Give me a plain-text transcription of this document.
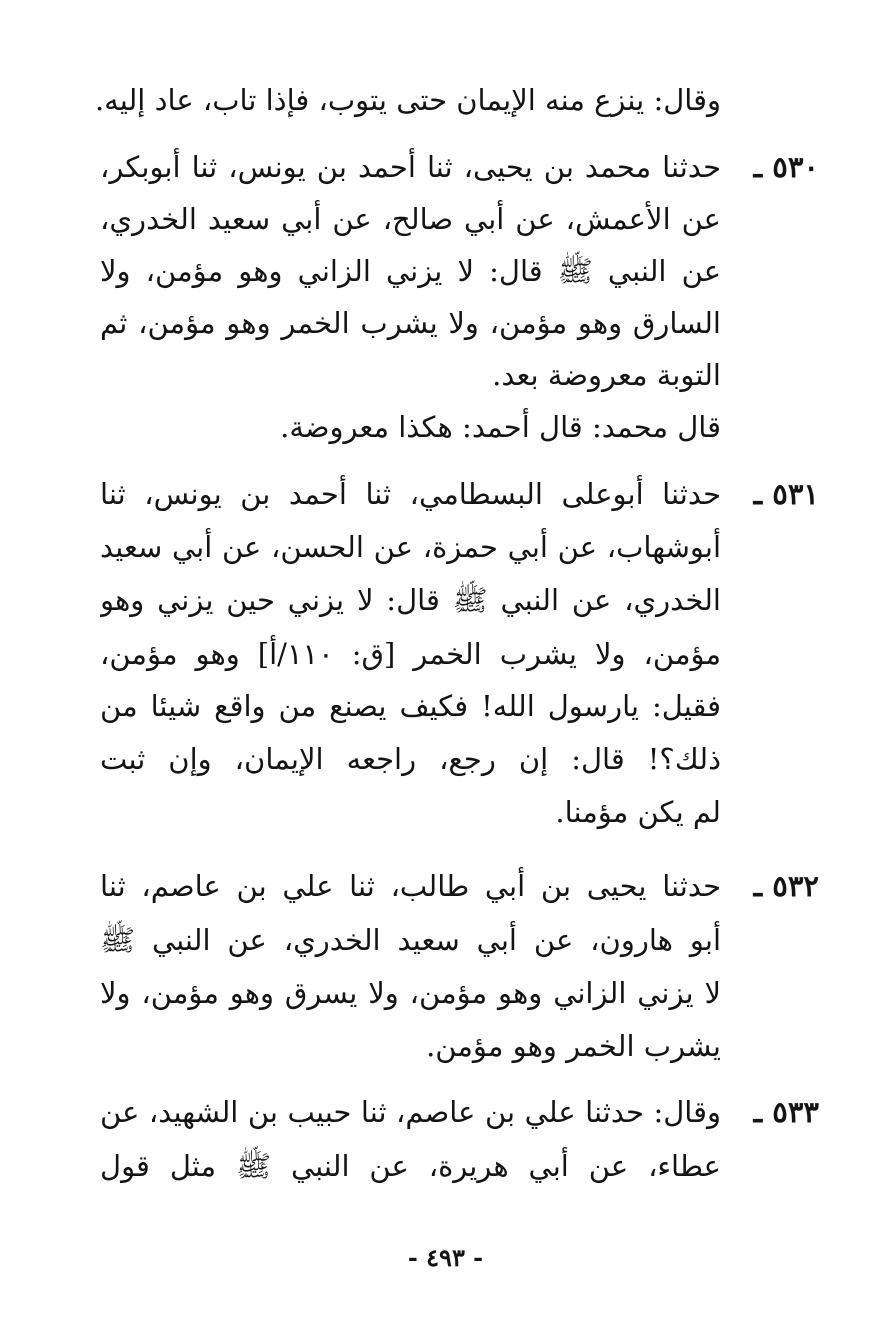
وقال: ينزع منه الإيمان حتى يتوب، فإذا تاب، عاد إليه.
٥٣٠ ـ
حدثنا محمد بن يحيى، ثنا أحمد بن يونس، ثنا أبوبكر،
عن الأعمش، عن أبي صالح، عن أبي سعيد الخدري،
عن النبي ﷺ قال: لا يزني الزاني وهو مؤمن، ولا
السارق وهو مؤمن، ولا يشرب الخمر وهو مؤمن، ثم
التوبة معروضة بعد.
قال محمد: قال أحمد: هكذا معروضة.
٥٣١ ـ
حدثنا أبوعلى البسطامي، ثنا أحمد بن يونس، ثنا
أبوشهاب، عن أبي حمزة، عن الحسن، عن أبي سعيد
الخدري، عن النبي ﷺ قال: لا يزني حين يزني وهو
مؤمن، ولا يشرب الخمر [ق: ١١٠/أ] وهو مؤمن،
فقيل: يارسول الله! فكيف يصنع من واقع شيئا من
ذلك؟! قال: إن رجع، راجعه الإيمان، وإن ثبت
لم يكن مؤمنا.
٥٣٢ ـ
حدثنا يحيى بن أبي طالب، ثنا علي بن عاصم، ثنا
أبو هارون، عن أبي سعيد الخدري، عن النبي ﷺ
لا يزني الزاني وهو مؤمن، ولا يسرق وهو مؤمن، ولا
يشرب الخمر وهو مؤمن.
٥٣٣ ـ
وقال: حدثنا علي بن عاصم، ثنا حبيب بن الشهيد، عن
عطاء، عن أبي هريرة، عن النبي ﷺ مثل قول
- ٤٩٣ -
